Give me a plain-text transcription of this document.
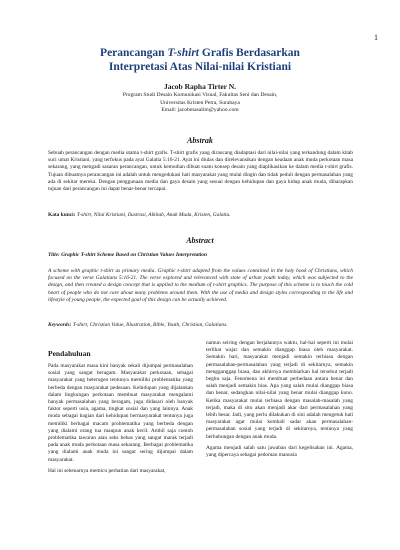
1
Perancangan T-shirt Grafis Berdasarkan
Interpretasi Atas Nilai-nilai Kristiani
Jacob Rapha Tirter N.
Program Studi Desain Komunikasi Visual, Fakultas Seni dan Desain,
Universitas Kristen Petra, Surabaya
Email: jacobmasalim@yahoo.com
Abstrak

Sebuah perancangan dengan media utama t-shirt grafis. T-shirt grafis yang dirancang diadaptasi dari nilai-nilai yang terkandung dalam kitab suci umat Kristiani, yang terfokus pada ayat Galatia 5:16-21. Ayat ini diulas dan direlevansikan dengan keadaan anak muda perkotaan masa sekarang, yang mengadi sasaran perancangan, untuk kemudian dibuat suatu konsep desain yang diaplikasikan ke dalam media t-shirt grafis. Tujuan dibuatnya perancangan ini adalah untuk mengedukasi hati masyarakat yang mulai dingin dan tidak peduli dengan permasalahan yang ada di sekitar mereka. Dengan penggunaan media dan gaya desain yang sesuai dengan kehidupan dan gaya hidup anak muda, diharapkan tujuan dari perancangan ini dapat benar-benar tercapai.

Kata kunci: T-shirt, Nilai Kristiani, Ilustrasi, Alkitab, Anak Muda, Kristen, Galatia.

Abstract

Title: Graphic T-shirt Scheme Based on Christian Values Interpretation

A scheme with graphic t-shirt as primary media. Graphic t-shirt adapted from the values contained in the holy book of Christians, which focused on the verse Galatians 5:16-21. The verse explored and relevanced with state of urban youth today, which was subjected to the design, and then created a design concept that is applied to the medium of t-shirt graphics. The purpose of this scheme is to touch the cold heart of people who do not care about many problems around them. With the use of media and design styles corresponding to the life and lifestyle of young people, the expected goal of this design can be actually achieved.

Keywords: T-shirt, Christian Value, Illustration, Bible, Youth, Christian, Galatians.

Pendahuluan

Pada masyarakat masa kini banyak sekali dijumpai permasalahan sosial yang sangat beragam. Masyarakat perkotaan, sebagai masyarakat yang heterogen tentunya memiliki problematika yang berbeda dengan masyarakat pedesaan. Kehidupan yang dijalankan dalam lingkungan perkotaan membuat masyarakat mengalami banyak permasalahan yang beragam, juga didasari oleh banyak faktor seperti usia, agama, tingkat sosial dan yang lainnya. Anak muda sebagai bagian dari kehidupan bermasyarakat tentunya juga memiliki berbagai macam problematika yang berbeda dengan yang dialami orang tua maupun anak kecil. Ambil saja contoh problematika tawuran atau seks bebas yang sangat marak terjadi pada anak muda perkotaan masa sekarang. Berbagai problematika yang dialami anak muda ini sangat sering dijumpai dalam masyarakat.

Hal ini sebenarnya memicu perhatian dari masyarakat,

namun seiring dengan berjalannya waktu, hal-hal seperti ini mulai terlihat wajar dan semakin dianggap biasa oleh masyarakat. Semakin hari, masyarakat menjadi semakin terbiasa dengan permasalahan-permasalahan yang terjadi di sekitarnya, semakin mengganggap biasa, dan akhirnya membiarkan hal tersebut terjadi begitu saja. Fenomena ini membuat perbedaan antara benar dan salah menjadi semakin bias. Apa yang salah mulai dianggap biasa dan benar, sedangkan nilai-nilai yang benar mulai dianggap kuno. Ketika masyarakat mulai terbiasa dengan masalah-masalah yang terjadi, maka di situ akan menjadi akar dari permasalahan yang lebih besar. Jadi, yang perlu dilakukan di sini adalah mengetuk hati masyarakat agar mulai kembali sadar akan permasalahan-permasalahan sosial yang terjadi di sekitarnya, tentunya yang berhubungan dengan anak muda.

Agama menjadi salah satu jawaban dari kegelisahan ini. Agama, yang dipercaya sebagai pedoman manusia
